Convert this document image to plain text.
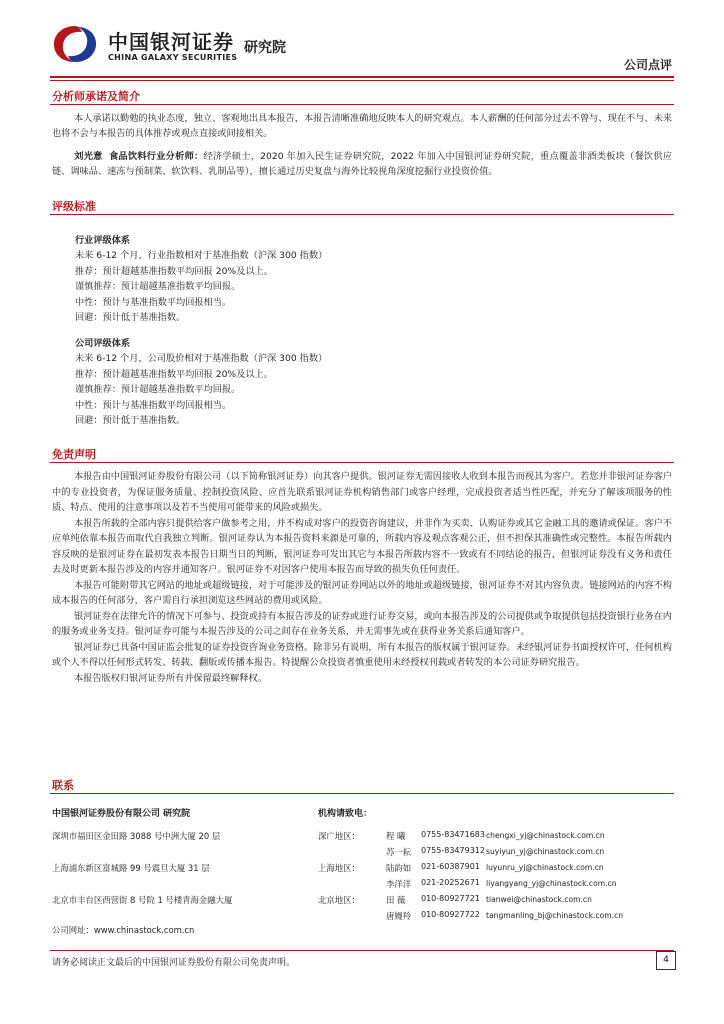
中国银河证券
CHINA GALAXY SECURITIES
研究院
公司点评
分析师承诺及简介
本人承诺以勤勉的执业态度，独立、客观地出具本报告，本报告清晰准确地反映本人的研究观点。本人薪酬的任何部分过去不曾与、现在不与、未来也将不会与本报告的具体推荐或观点直接或间接相关。
刘光意 食品饮料行业分析师：经济学硕士，2020 年加入民生证券研究院，2022 年加入中国银河证券研究院，重点覆盖非酒类板块（餐饮供应链、调味品、速冻与预制菜、软饮料、乳制品等），擅长通过历史复盘与海外比较视角深度挖掘行业投资价值。
评级标准
行业评级体系
未来 6-12 个月，行业指数相对于基准指数（沪深 300 指数）
推荐：预计超越基准指数平均回报 20%及以上。
谨慎推荐：预计超越基准指数平均回报。
中性：预计与基准指数平均回报相当。
回避：预计低于基准指数。
公司评级体系
未来 6-12 个月，公司股价相对于基准指数（沪深 300 指数）
推荐：预计超越基准指数平均回报 20%及以上。
谨慎推荐：预计超越基准指数平均回报。
中性：预计与基准指数平均回报相当。
回避：预计低于基准指数。
免责声明
本报告由中国银河证券股份有限公司（以下简称银河证券）向其客户提供。银河证券无需因接收人收到本报告而视其为客户。若您并非银河证券客户中的专业投资者，为保证服务质量、控制投资风险、应首先联系银河证券机构销售部门或客户经理，完成投资者适当性匹配，并充分了解该项服务的性质、特点、使用的注意事项以及若不当使用可能带来的风险或损失。
本报告所载的全部内容只提供给客户做参考之用，并不构成对客户的投资咨询建议，并非作为买卖、认购证券或其它金融工具的邀请或保证。客户不应单纯依靠本报告而取代自我独立判断。银河证券认为本报告资料来源是可靠的，所载内容及观点客观公正，但不担保其准确性或完整性。本报告所载内容反映的是银河证券在最初发表本报告日期当日的判断，银河证券可发出其它与本报告所载内容不一致或有不同结论的报告，但银河证券没有义务和责任去及时更新本报告涉及的内容并通知客户。银河证券不对因客户使用本报告而导致的损失负任何责任。
本报告可能附带其它网站的地址或超级链接，对于可能涉及的银河证券网站以外的地址或超级链接，银河证券不对其内容负责。链接网站的内容不构成本报告的任何部分，客户需自行承担浏览这些网站的费用或风险。
银河证券在法律允许的情况下可参与、投资或持有本报告涉及的证券或进行证券交易，或向本报告涉及的公司提供或争取提供包括投资银行业务在内的服务或业务支持。银河证券可能与本报告涉及的公司之间存在业务关系，并无需事先或在获得业务关系后通知客户。
银河证券已具备中国证监会批复的证券投资咨询业务资格。除非另有说明，所有本报告的版权属于银河证券。未经银河证券书面授权许可，任何机构或个人不得以任何形式转发、转载、翻版或传播本报告。特提醒公众投资者慎重使用未经授权刊载或者转发的本公司证券研究报告。
本报告版权归银河证券所有并保留最终解释权。
联系
中国银河证券股份有限公司 研究院	机构请致电：
深圳市福田区金田路 3088 号中洲大厦 20 层
上海浦东新区富城路 99 号震旦大厦 31 层
北京市丰台区西营街 8 号院 1 号楼青海金融大厦
深广地区：
上海地区：
北京地区：
程 曦 0755-83471683 chengxi_yj@chinastock.com.cn
苏一耘 0755-83479312 suyiyun_yj@chinastock.com.cn
陆韵如 021-60387901 luyunru_yj@chinastock.com.cn
李洋洋 021-20252671 liyangyang_yj@chinastock.com.cn
田 薇 010-80927721 tianwei@chinastock.com.cn
唐嫚羚 010-80927722 tangmanling_bj@chinastock.com.cn
公司网址：www.chinastock.com.cn
请务必阅读正文最后的中国银河证券股份有限公司免责声明。	4
